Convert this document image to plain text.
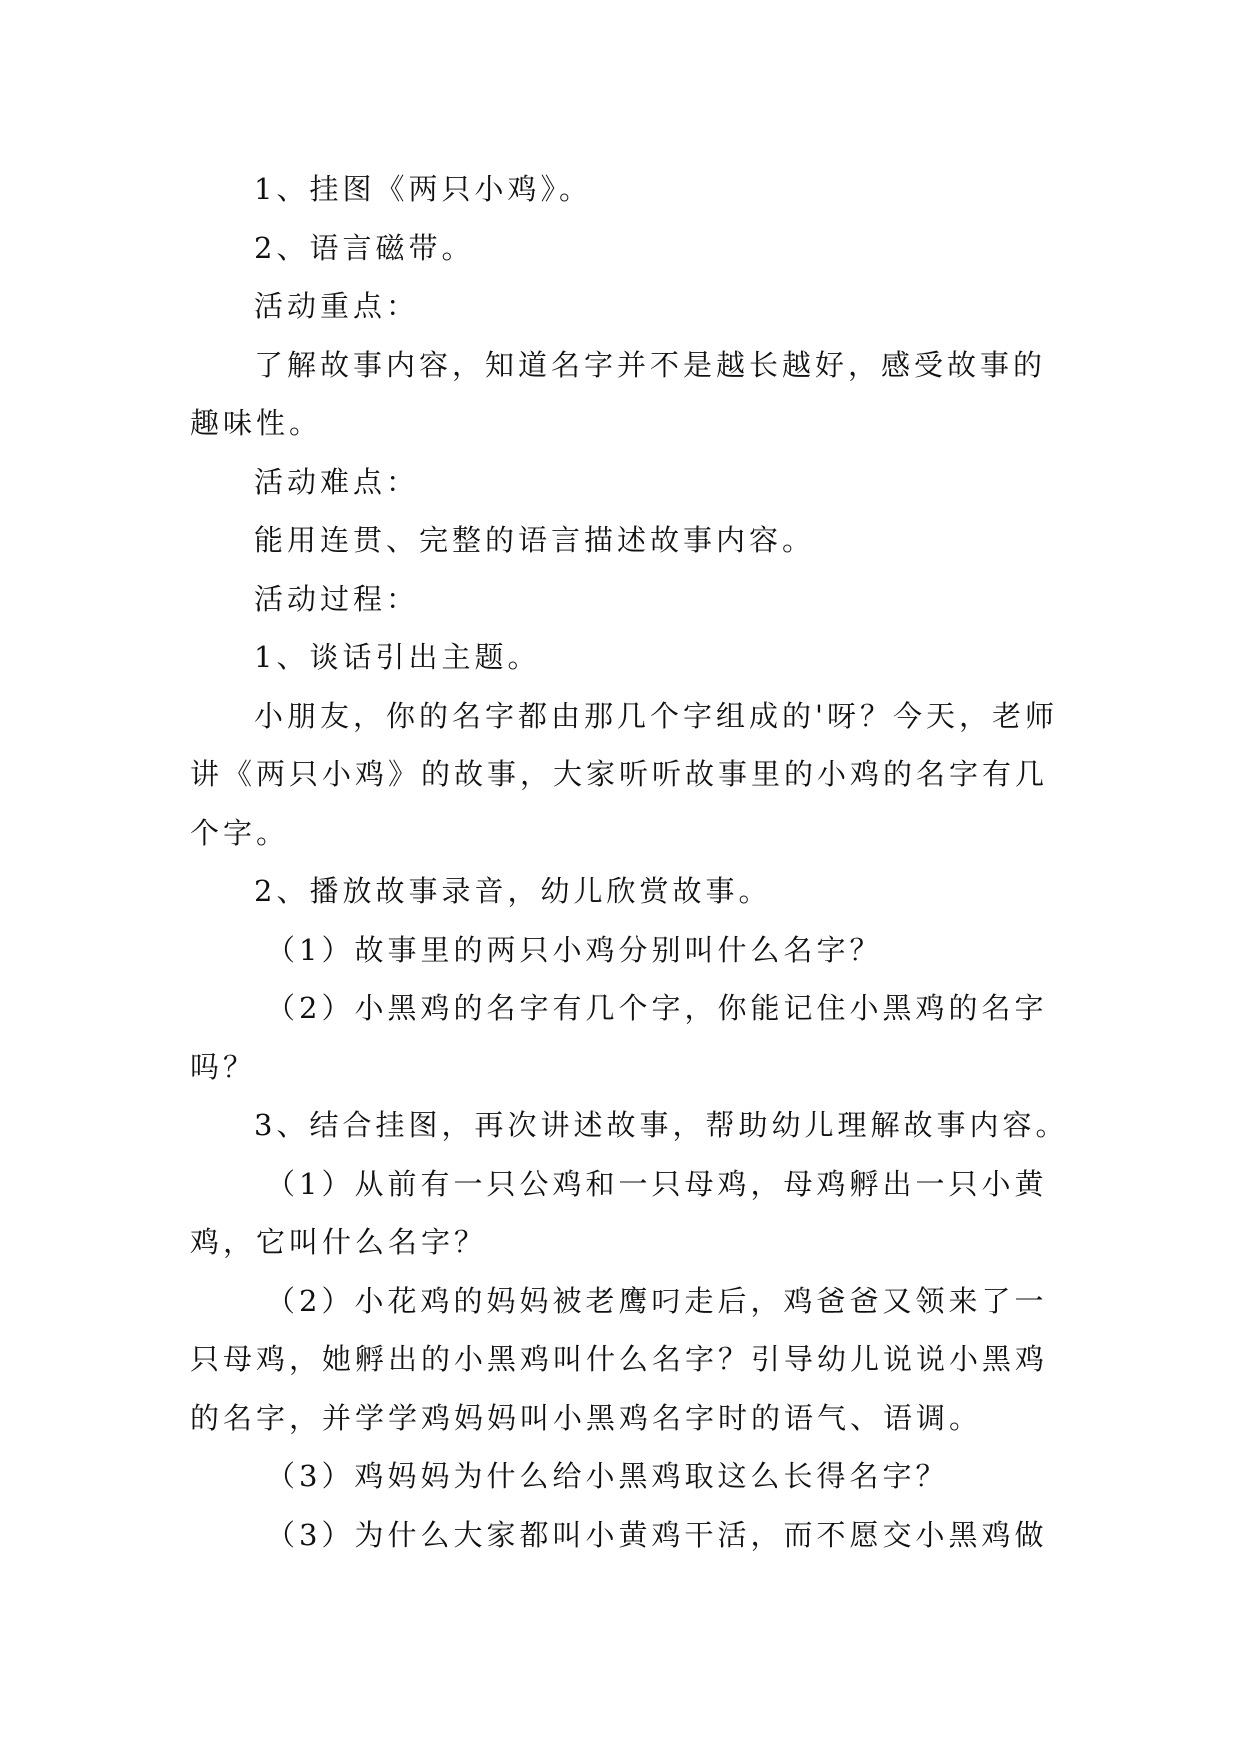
1、挂图《两只小鸡》。

2、语言磁带。

活动重点：

了解故事内容，知道名字并不是越长越好，感受故事的趣味性。

活动难点：

能用连贯、完整的语言描述故事内容。

活动过程：

1、谈话引出主题。

小朋友，你的名字都由那几个字组成的'呀？今天，老师讲《两只小鸡》的故事，大家听听故事里的小鸡的名字有几个字。

2、播放故事录音，幼儿欣赏故事。

（1）故事里的两只小鸡分别叫什么名字？

（2）小黑鸡的名字有几个字，你能记住小黑鸡的名字吗？

3、结合挂图，再次讲述故事，帮助幼儿理解故事内容。

（1）从前有一只公鸡和一只母鸡，母鸡孵出一只小黄鸡，它叫什么名字？

（2）小花鸡的妈妈被老鹰叼走后，鸡爸爸又领来了一只母鸡，她孵出的小黑鸡叫什么名字？引导幼儿说说小黑鸡的名字，并学学鸡妈妈叫小黑鸡名字时的语气、语调。

（3）鸡妈妈为什么给小黑鸡取这么长得名字？

（3）为什么大家都叫小黄鸡干活，而不愿交小黑鸡做
